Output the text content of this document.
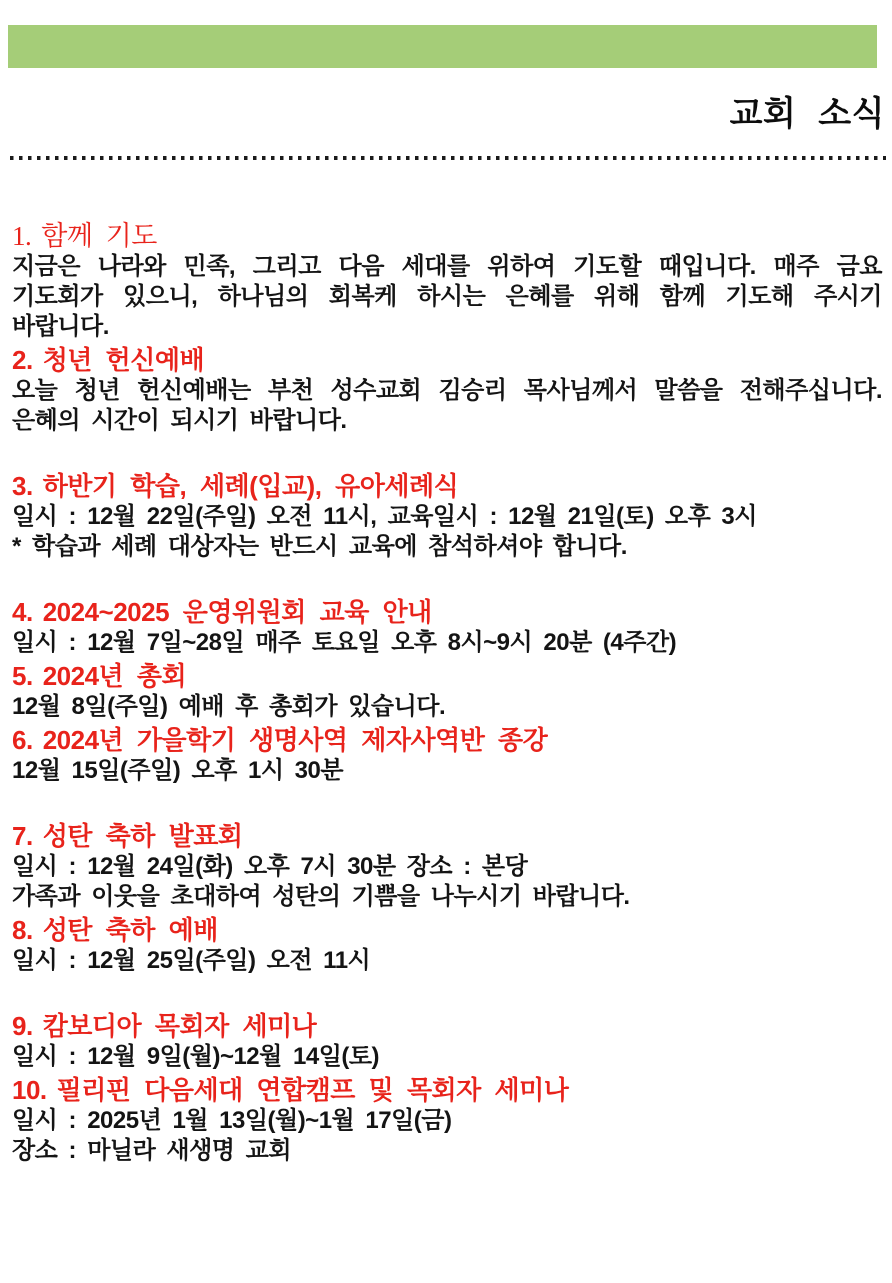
교회 소식
1. 함께 기도

지금은 나라와 민족, 그리고 다음 세대를 위하여 기도할 때입니다. 매주 금요 기도회가 있으니, 하나님의 회복케 하시는 은혜를 위해 함께 기도해 주시기 바랍니다.

2. 청년 헌신예배

오늘 청년 헌신예배는 부천 성수교회 김승리 목사님께서 말씀을 전해주십니다. 은혜의 시간이 되시기 바랍니다.

3. 하반기 학습, 세례(입교), 유아세례식

일시 : 12월 22일(주일) 오전 11시, 교육일시 : 12월 21일(토) 오후 3시

* 학습과 세례 대상자는 반드시 교육에 참석하셔야 합니다.

4. 2024~2025 운영위원회 교육 안내

일시 : 12월 7일~28일 매주 토요일 오후 8시~9시 20분 (4주간)

5. 2024년 총회

12월 8일(주일) 예배 후 총회가 있습니다.

6. 2024년 가을학기 생명사역 제자사역반 종강

12월 15일(주일) 오후 1시 30분

7. 성탄 축하 발표회

일시 : 12월 24일(화) 오후 7시 30분 장소 : 본당

가족과 이웃을 초대하여 성탄의 기쁨을 나누시기 바랍니다.

8. 성탄 축하 예배

일시 : 12월 25일(주일) 오전 11시

9. 캄보디아 목회자 세미나

일시 : 12월 9일(월)~12월 14일(토)

10. 필리핀 다음세대 연합캠프 및 목회자 세미나

일시 : 2025년 1월 13일(월)~1월 17일(금)

장소 : 마닐라 새생명 교회
